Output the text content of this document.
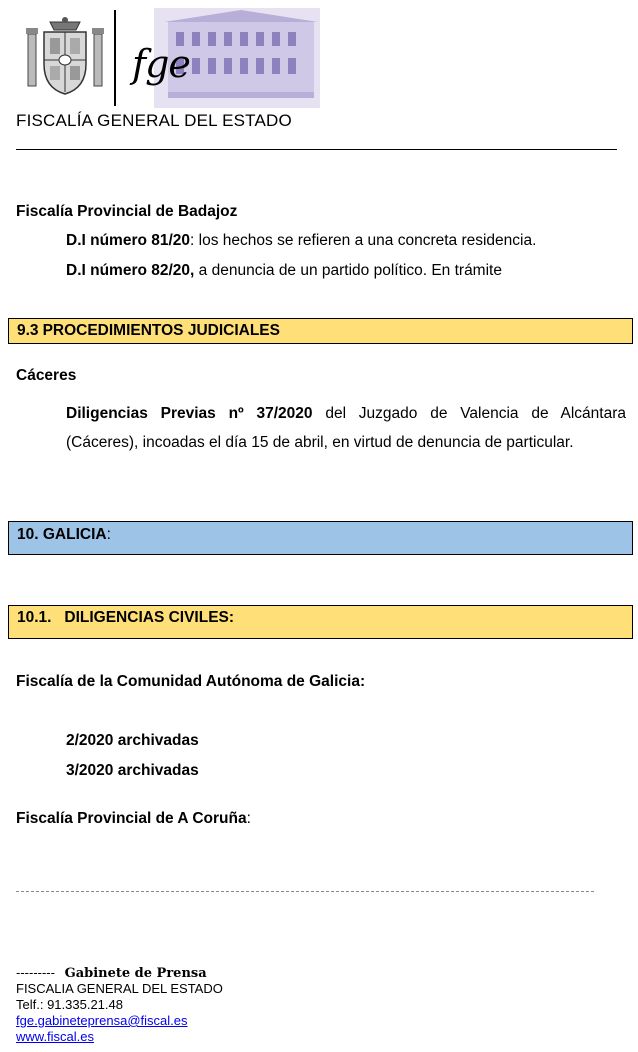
fge
FISCALÍA GENERAL DEL ESTADO
Fiscalía Provincial de Badajoz
D.I número 81/20: los hechos se refieren a una concreta residencia.
D.I número 82/20, a denuncia de un partido político. En trámite
9.3 PROCEDIMIENTOS JUDICIALES
Cáceres
Diligencias Previas nº 37/2020 del Juzgado de Valencia de Alcántara
(Cáceres), incoadas el día 15 de abril, en virtud de denuncia de particular.
10. GALICIA:
10.1.   DILIGENCIAS CIVILES:
Fiscalía de la Comunidad Autónoma de Galicia:
2/2020 archivadas
3/2020 archivadas
Fiscalía Provincial de A Coruña:
--------- Gabinete de Prensa
FISCALIA GENERAL DEL ESTADO
Telf.: 91.335.21.48
fge.gabineteprensa@fiscal.es
www.fiscal.es
